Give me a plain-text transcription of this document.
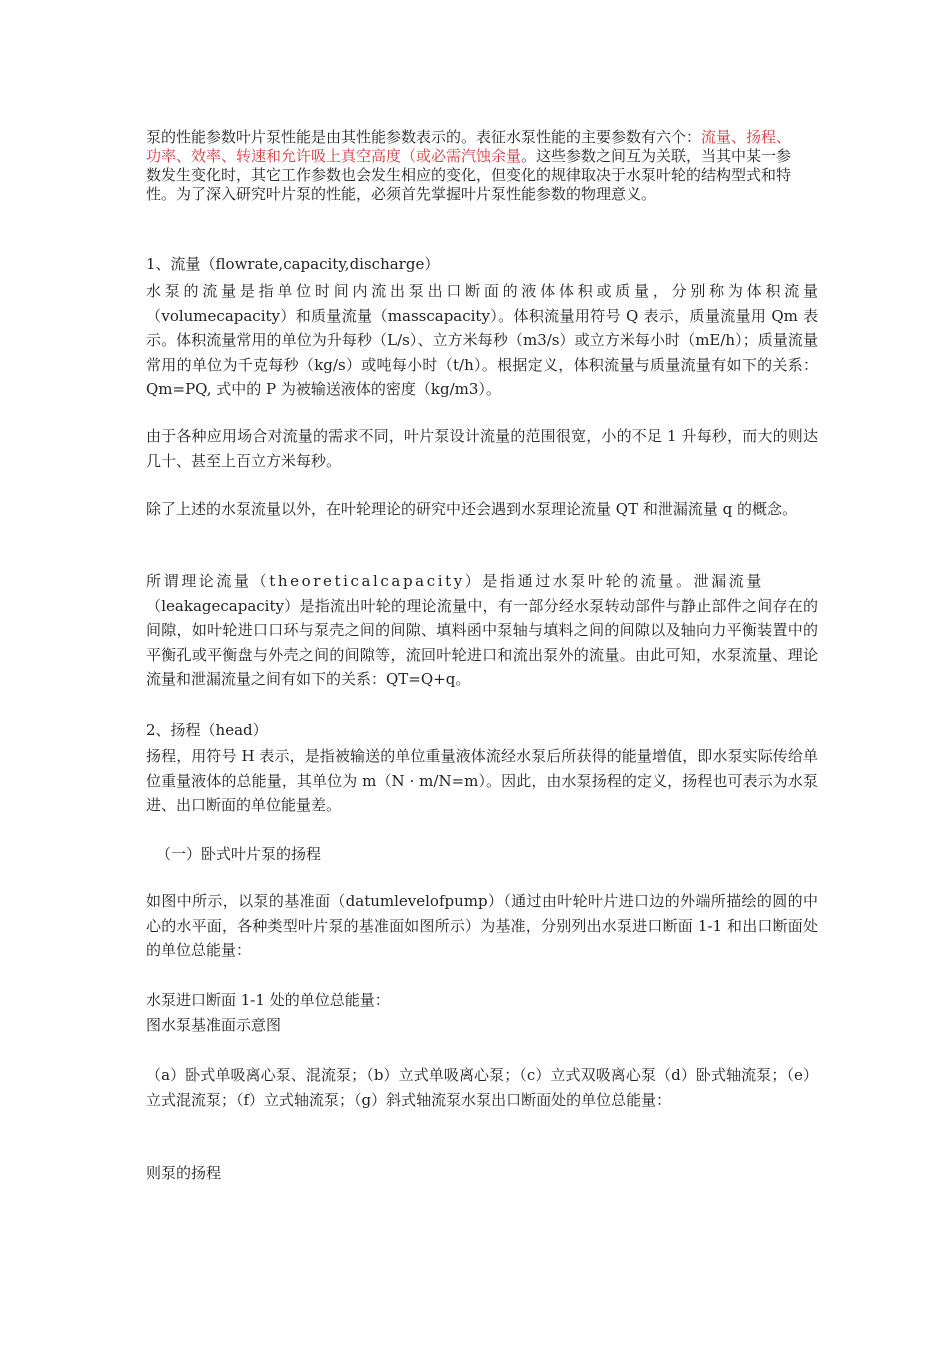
泵的性能参数叶片泵性能是由其性能参数表示的。表征水泵性能的主要参数有六个：流量、扬程、功率、效率、转速和允许吸上真空高度（或必需汽蚀余量。这些参数之间互为关联，当其中某一参数发生变化时，其它工作参数也会发生相应的变化，但变化的规律取决于水泵叶轮的结构型式和特性。为了深入研究叶片泵的性能，必须首先掌握叶片泵性能参数的物理意义。
1、流量（flowrate,capacity,discharge）
水泵的流量是指单位时间内流出泵出口断面的液体体积或质量，分别称为体积流量（volumecapacity）和质量流量（masscapacity）。体积流量用符号 Q 表示，质量流量用 Qm 表示。体积流量常用的单位为升每秒（L/s）、立方米每秒（m3/s）或立方米每小时（mE/h）；质量流量常用的单位为千克每秒（kg/s）或吨每小时（t/h）。根据定义，体积流量与质量流量有如下的关系：Qm=PQ, 式中的 P 为被输送液体的密度（kg/m3）。
由于各种应用场合对流量的需求不同，叶片泵设计流量的范围很宽，小的不足 1 升每秒，而大的则达几十、甚至上百立方米每秒。
除了上述的水泵流量以外，在叶轮理论的研究中还会遇到水泵理论流量 QT 和泄漏流量 q 的概念。
所谓理论流量（theoreticalcapacity）是指通过水泵叶轮的流量。泄漏流量
（leakagecapacity）是指流出叶轮的理论流量中，有一部分经水泵转动部件与静止部件之间存在的间隙，如叶轮进口口环与泵壳之间的间隙、填料函中泵轴与填料之间的间隙以及轴向力平衡装置中的平衡孔或平衡盘与外壳之间的间隙等，流回叶轮进口和流出泵外的流量。由此可知，水泵流量、理论流量和泄漏流量之间有如下的关系：QT=Q+q。
2、扬程（head）
扬程，用符号 H 表示，是指被输送的单位重量液体流经水泵后所获得的能量增值，即水泵实际传给单位重量液体的总能量，其单位为 m（N · m/N=m）。因此，由水泵扬程的定义，扬程也可表示为水泵进、出口断面的单位能量差。
（一）卧式叶片泵的扬程
如图中所示，以泵的基准面（datumlevelofpump）（通过由叶轮叶片进口边的外端所描绘的圆的中心的水平面，各种类型叶片泵的基准面如图所示）为基准，分别列出水泵进口断面 1-1 和出口断面处的单位总能量：
水泵进口断面 1-1 处的单位总能量：
图水泵基准面示意图
（a）卧式单吸离心泵、混流泵；（b）立式单吸离心泵；（c）立式双吸离心泵（d）卧式轴流泵；（e）立式混流泵；（f）立式轴流泵；（g）斜式轴流泵水泵出口断面处的单位总能量：
则泵的扬程
